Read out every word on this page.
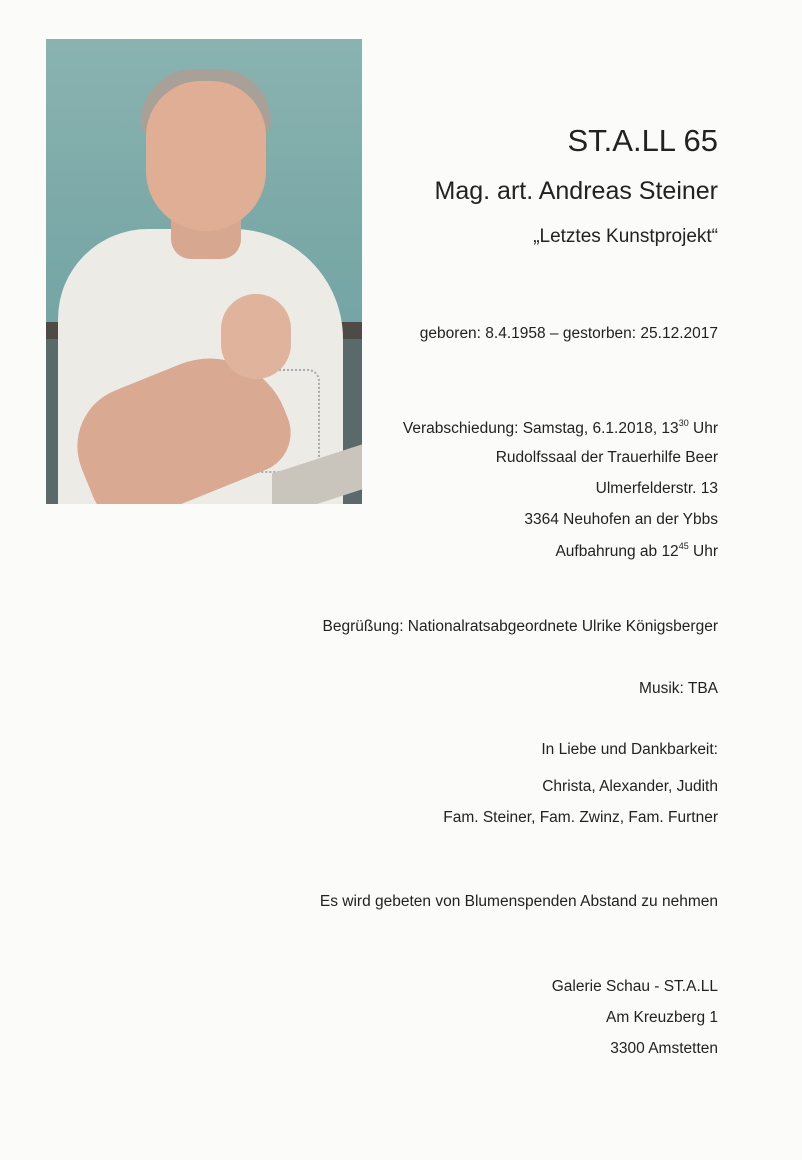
ST.A.LL 65
Mag. art. Andreas Steiner
„Letztes Kunstprojekt“
geboren: 8.4.1958 – gestorben: 25.12.2017
Verabschiedung: Samstag, 6.1.2018, $13^{30}$ Uhr
Rudolfssaal der Trauerhilfe Beer
Ulmerfelderstr. 13
3364 Neuhofen an der Ybbs
Aufbahrung ab $12^{45}$ Uhr
Begrüßung: Nationalratsabgeordnete Ulrike Königsberger
Musik: TBA
In Liebe und Dankbarkeit:
Christa, Alexander, Judith
Fam. Steiner, Fam. Zwinz, Fam. Furtner
Es wird gebeten von Blumenspenden Abstand zu nehmen
Galerie Schau - ST.A.LL
Am Kreuzberg 1
3300 Amstetten
